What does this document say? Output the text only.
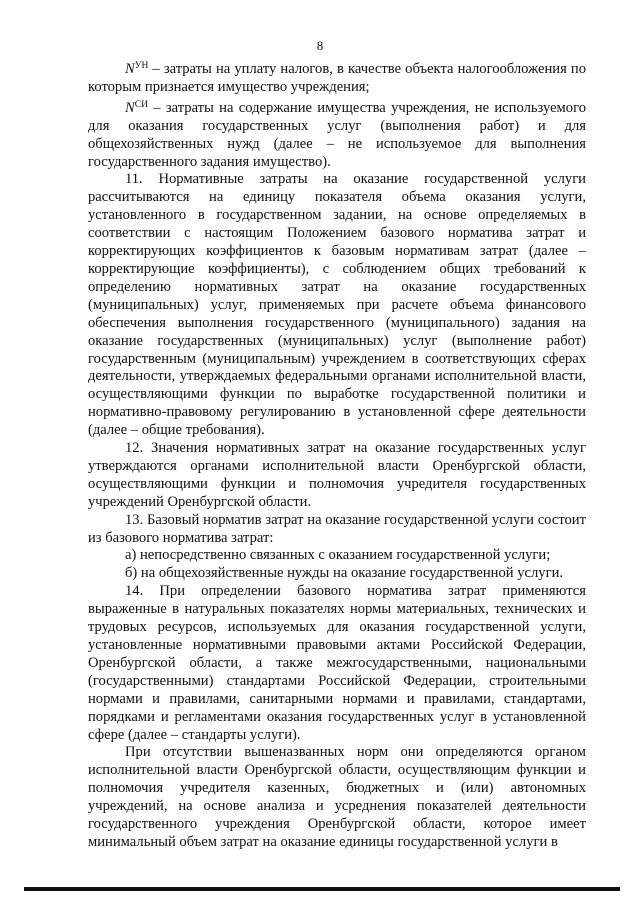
8

$N^{УН}$ – затраты на уплату налогов, в качестве объекта налогообложения по которым признается имущество учреждения;

$N^{СИ}$ – затраты на содержание имущества учреждения, не используемого для оказания государственных услуг (выполнения работ) и для общехозяйственных нужд (далее – не используемое для выполнения государственного задания имущество).

11. Нормативные затраты на оказание государственной услуги рассчитываются на единицу показателя объема оказания услуги, установленного в государственном задании, на основе определяемых в соответствии с настоящим Положением базового норматива затрат и корректирующих коэффициентов к базовым нормативам затрат (далее – корректирующие коэффициенты), с соблюдением общих требований к определению нормативных затрат на оказание государственных (муниципальных) услуг, применяемых при расчете объема финансового обеспечения выполнения государственного (муниципального) задания на оказание государственных (муниципальных) услуг (выполнение работ) государственным (муниципальным) учреждением в соответствующих сферах деятельности, утверждаемых федеральными органами исполнительной власти, осуществляющими функции по выработке государственной политики и нормативно-правовому регулированию в установленной сфере деятельности (далее – общие требования).

12. Значения нормативных затрат на оказание государственных услуг утверждаются органами исполнительной власти Оренбургской области, осуществляющими функции и полномочия учредителя государственных учреждений Оренбургской области.

13. Базовый норматив затрат на оказание государственной услуги состоит из базового норматива затрат:

а) непосредственно связанных с оказанием государственной услуги;

б) на общехозяйственные нужды на оказание государственной услуги.

14. При определении базового норматива затрат применяются выраженные в натуральных показателях нормы материальных, технических и трудовых ресурсов, используемых для оказания государственной услуги, установленные нормативными правовыми актами Российской Федерации, Оренбургской области, а также межгосударственными, национальными (государственными) стандартами Российской Федерации, строительными нормами и правилами, санитарными нормами и правилами, стандартами, порядками и регламентами оказания государственных услуг в установленной сфере (далее – стандарты услуги).

При отсутствии вышеназванных норм они определяются органом исполнительной власти Оренбургской области, осуществляющим функции и полномочия учредителя казенных, бюджетных и (или) автономных учреждений, на основе анализа и усреднения показателей деятельности государственного учреждения Оренбургской области, которое имеет минимальный объем затрат на оказание единицы государственной услуги в
